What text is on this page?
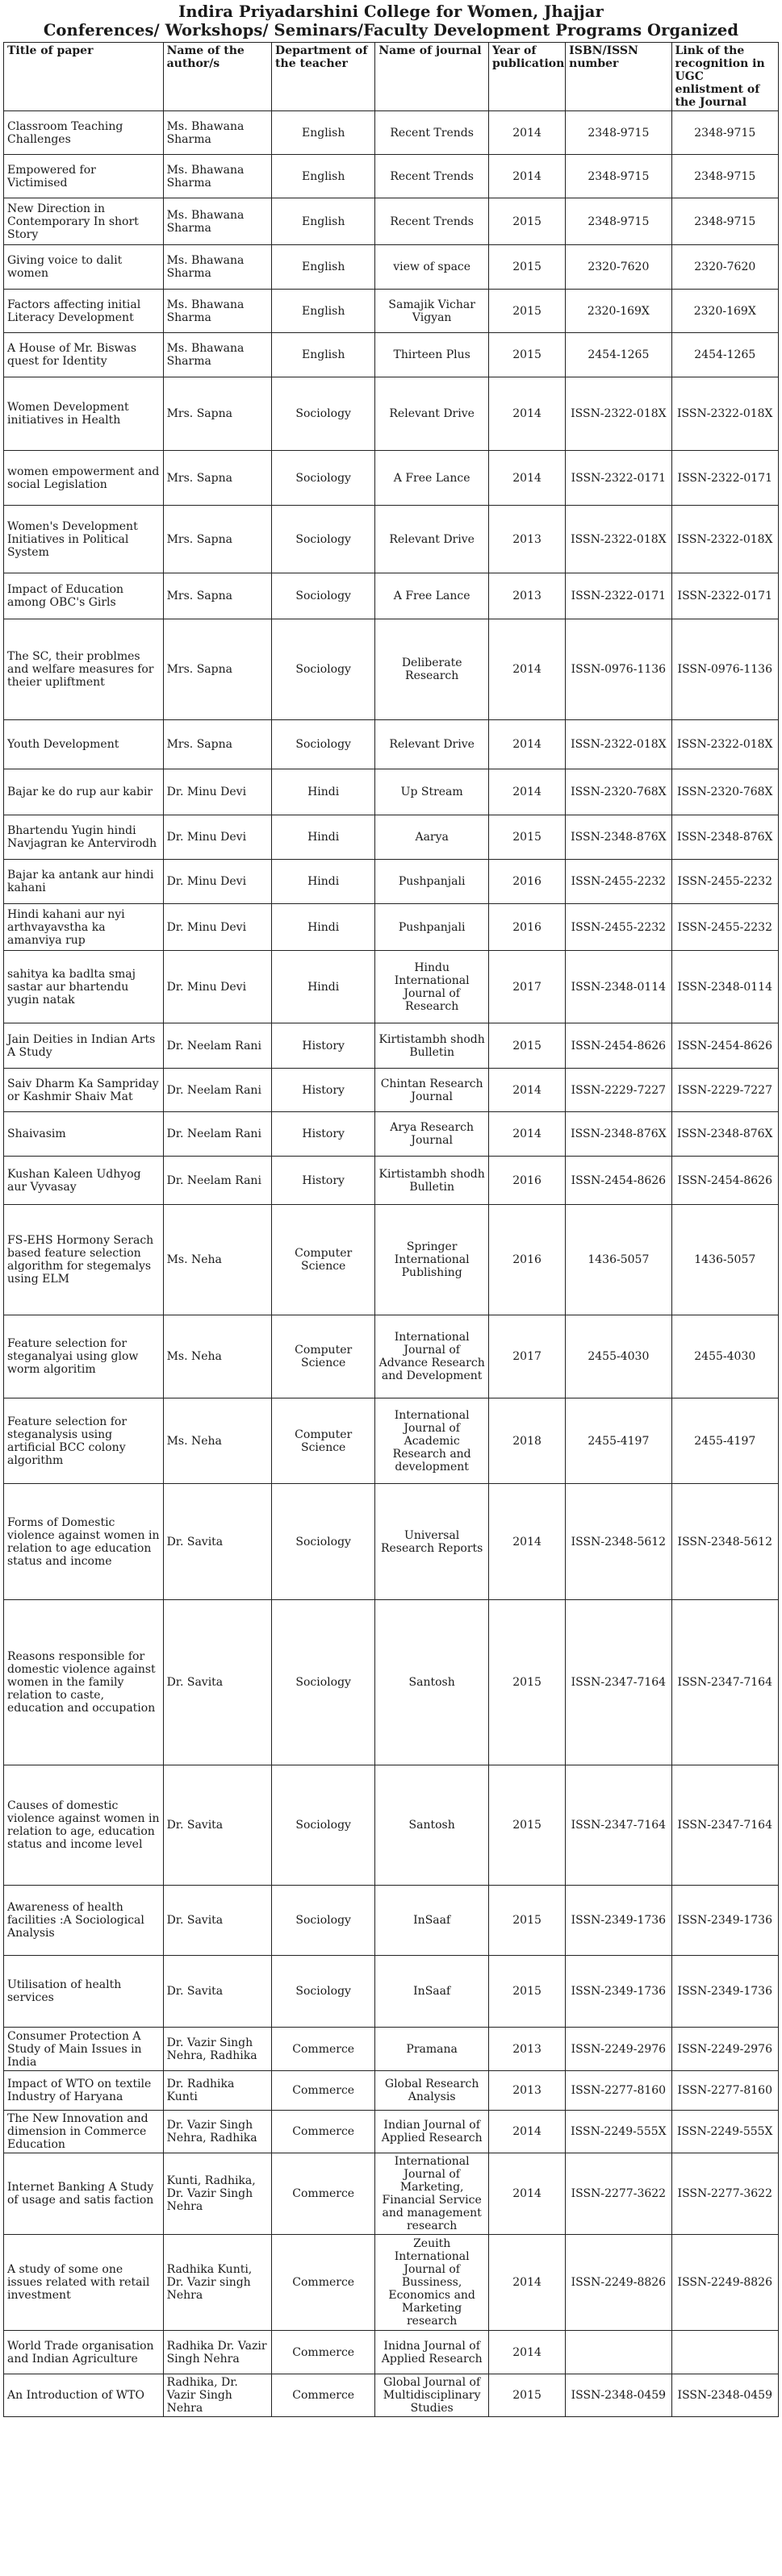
Indira Priyadarshini College for Women, Jhajjar
Conferences/ Workshops/ Seminars/Faculty Development Programs Organized
Title of paper	Name of the author/s	Department of the teacher	Name of journal	Year of publication	ISBN/ISSN number	Link of the recognition in UGC enlistment of the Journal
Classroom Teaching Challenges	Ms. Bhawana Sharma	English	Recent Trends	2014	2348-9715	2348-9715
Empowered for Victimised	Ms. Bhawana Sharma	English	Recent Trends	2014	2348-9715	2348-9715
New Direction in Contemporary In short Story	Ms. Bhawana Sharma	English	Recent Trends	2015	2348-9715	2348-9715
Giving voice to dalit women	Ms. Bhawana Sharma	English	view of space	2015	2320-7620	2320-7620
Factors affecting initial Literacy Development	Ms. Bhawana Sharma	English	Samajik Vichar Vigyan	2015	2320-169X	2320-169X
A House of Mr. Biswas quest for Identity	Ms. Bhawana Sharma	English	Thirteen Plus	2015	2454-1265	2454-1265
Women Development initiatives in Health	Mrs. Sapna	Sociology	Relevant Drive	2014	ISSN-2322-018X	ISSN-2322-018X
women empowerment and social Legislation	Mrs. Sapna	Sociology	A Free Lance	2014	ISSN-2322-0171	ISSN-2322-0171
Women's Development Initiatives in Political System	Mrs. Sapna	Sociology	Relevant Drive	2013	ISSN-2322-018X	ISSN-2322-018X
Impact of Education among OBC's Girls	Mrs. Sapna	Sociology	A Free Lance	2013	ISSN-2322-0171	ISSN-2322-0171
The SC, their problmes and welfare measures for theier upliftment	Mrs. Sapna	Sociology	Deliberate Research	2014	ISSN-0976-1136	ISSN-0976-1136
Youth Development	Mrs. Sapna	Sociology	Relevant Drive	2014	ISSN-2322-018X	ISSN-2322-018X
Bajar ke do rup aur kabir	Dr. Minu Devi	Hindi	Up Stream	2014	ISSN-2320-768X	ISSN-2320-768X
Bhartendu Yugin hindi Navjagran ke Antervirodh	Dr. Minu Devi	Hindi	Aarya	2015	ISSN-2348-876X	ISSN-2348-876X
Bajar ka antank aur hindi kahani	Dr. Minu Devi	Hindi	Pushpanjali	2016	ISSN-2455-2232	ISSN-2455-2232
Hindi kahani aur nyi arthvayavstha ka amanviya rup	Dr. Minu Devi	Hindi	Pushpanjali	2016	ISSN-2455-2232	ISSN-2455-2232
sahitya ka badlta smaj sastar aur bhartendu yugin natak	Dr. Minu Devi	Hindi	Hindu International Journal of Research	2017	ISSN-2348-0114	ISSN-2348-0114
Jain Deities in Indian Arts A Study	Dr. Neelam Rani	History	Kirtistambh shodh Bulletin	2015	ISSN-2454-8626	ISSN-2454-8626
Saiv Dharm Ka Sampriday or Kashmir Shaiv Mat	Dr. Neelam Rani	History	Chintan Research Journal	2014	ISSN-2229-7227	ISSN-2229-7227
Shaivasim	Dr. Neelam Rani	History	Arya Research Journal	2014	ISSN-2348-876X	ISSN-2348-876X
Kushan Kaleen Udhyog aur Vyvasay	Dr. Neelam Rani	History	Kirtistambh shodh Bulletin	2016	ISSN-2454-8626	ISSN-2454-8626
FS-EHS Hormony Serach based feature selection algorithm for stegemalys using ELM	Ms. Neha	Computer Science	Springer International Publishing	2016	1436-5057	1436-5057
Feature selection for steganalyai using glow worm algoritim	Ms. Neha	Computer Science	International Journal of Advance Research and Development	2017	2455-4030	2455-4030
Feature selection for steganalysis using artificial BCC colony algorithm	Ms. Neha	Computer Science	International Journal of Academic Research and development	2018	2455-4197	2455-4197
Forms of Domestic violence against women in relation to age education status and income	Dr. Savita	Sociology	Universal Research Reports	2014	ISSN-2348-5612	ISSN-2348-5612
Reasons responsible for domestic violence against women in the family relation to caste, education and occupation	Dr. Savita	Sociology	Santosh	2015	ISSN-2347-7164	ISSN-2347-7164
Causes of domestic violence against women in relation to age, education status and income level	Dr. Savita	Sociology	Santosh	2015	ISSN-2347-7164	ISSN-2347-7164
Awareness of health facilities :A Sociological Analysis	Dr. Savita	Sociology	InSaaf	2015	ISSN-2349-1736	ISSN-2349-1736
Utilisation of health services	Dr. Savita	Sociology	InSaaf	2015	ISSN-2349-1736	ISSN-2349-1736
Consumer Protection A Study of Main Issues in India	Dr. Vazir Singh Nehra, Radhika	Commerce	Pramana	2013	ISSN-2249-2976	ISSN-2249-2976
Impact of WTO on textile Industry of Haryana	Dr. Radhika Kunti	Commerce	Global Research Analysis	2013	ISSN-2277-8160	ISSN-2277-8160
The New Innovation and dimension in Commerce Education	Dr. Vazir Singh Nehra, Radhika	Commerce	Indian Journal of Applied Research	2014	ISSN-2249-555X	ISSN-2249-555X
Internet Banking A Study of usage and satis faction	Kunti, Radhika, Dr. Vazir Singh Nehra	Commerce	International Journal of Marketing, Financial Service and management research	2014	ISSN-2277-3622	ISSN-2277-3622
A study of some one issues related with retail investment	Radhika Kunti, Dr. Vazir singh Nehra	Commerce	Zeuith International Journal of Bussiness, Economics and Marketing research	2014	ISSN-2249-8826	ISSN-2249-8826
World Trade organisation and Indian Agriculture	Radhika Dr. Vazir Singh Nehra	Commerce	Inidna Journal of Applied Research	2014		
An Introduction of WTO	Radhika, Dr. Vazir Singh Nehra	Commerce	Global Journal of Multidisciplinary Studies	2015	ISSN-2348-0459	ISSN-2348-0459
